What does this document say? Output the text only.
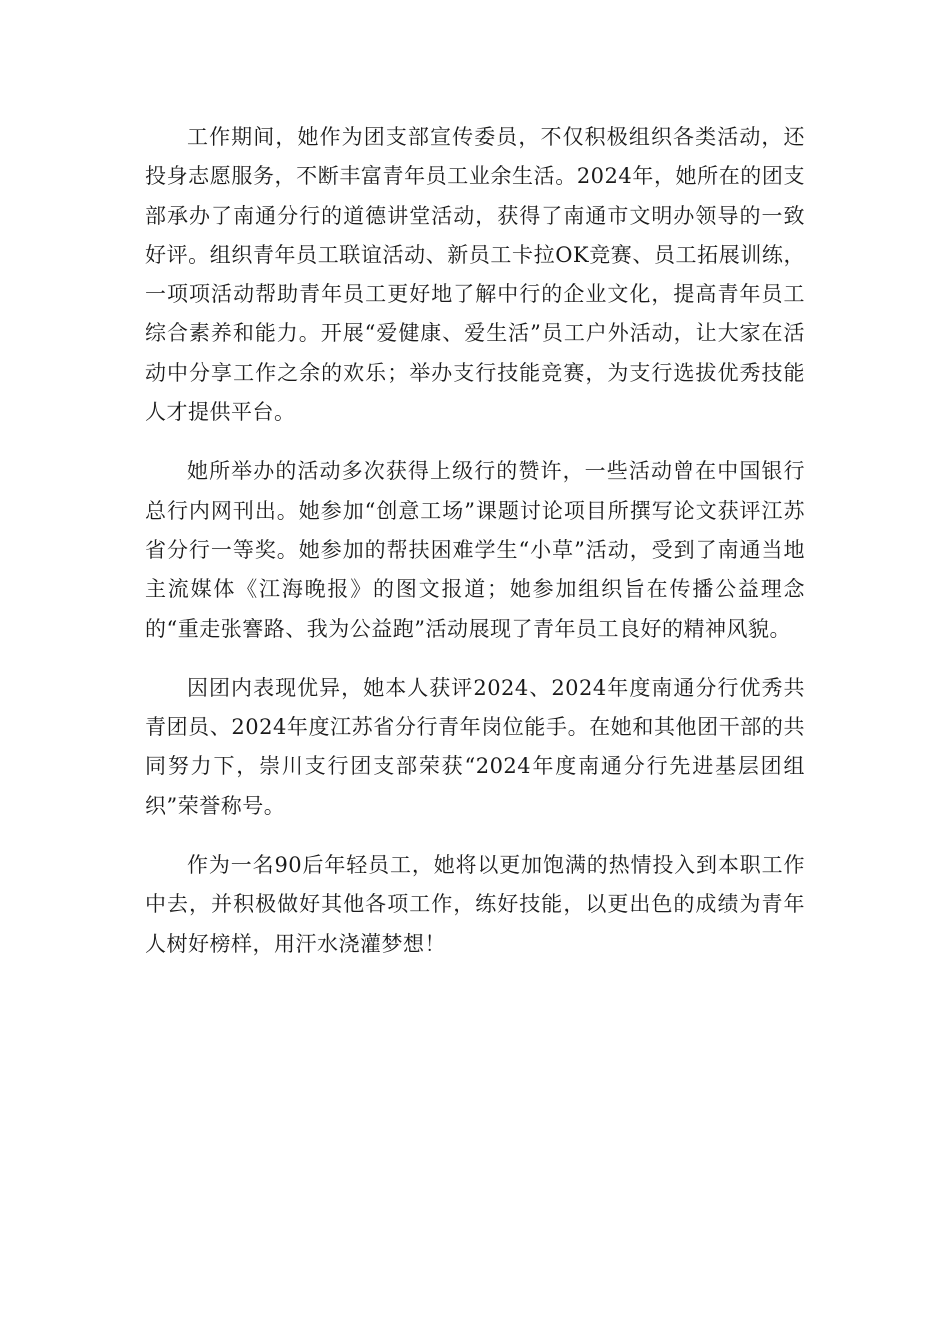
工作期间，她作为团支部宣传委员，不仅积极组织各类活动，还投身志愿服务，不断丰富青年员工业余生活。2024年，她所在的团支部承办了南通分行的道德讲堂活动，获得了南通市文明办领导的一致好评。组织青年员工联谊活动、新员工卡拉OK竞赛、员工拓展训练，一项项活动帮助青年员工更好地了解中行的企业文化，提高青年员工综合素养和能力。开展“爱健康、爱生活”员工户外活动，让大家在活动中分享工作之余的欢乐；举办支行技能竞赛，为支行选拔优秀技能人才提供平台。

她所举办的活动多次获得上级行的赞许，一些活动曾在中国银行总行内网刊出。她参加“创意工场”课题讨论项目所撰写论文获评江苏省分行一等奖。她参加的帮扶困难学生“小草”活动，受到了南通当地主流媒体《江海晚报》的图文报道；她参加组织旨在传播公益理念的“重走张謇路、我为公益跑”活动展现了青年员工良好的精神风貌。

因团内表现优异，她本人获评2024、2024年度南通分行优秀共青团员、2024年度江苏省分行青年岗位能手。在她和其他团干部的共同努力下，崇川支行团支部荣获“2024年度南通分行先进基层团组织”荣誉称号。

作为一名90后年轻员工，她将以更加饱满的热情投入到本职工作中去，并积极做好其他各项工作，练好技能，以更出色的成绩为青年人树好榜样，用汗水浇灌梦想！
